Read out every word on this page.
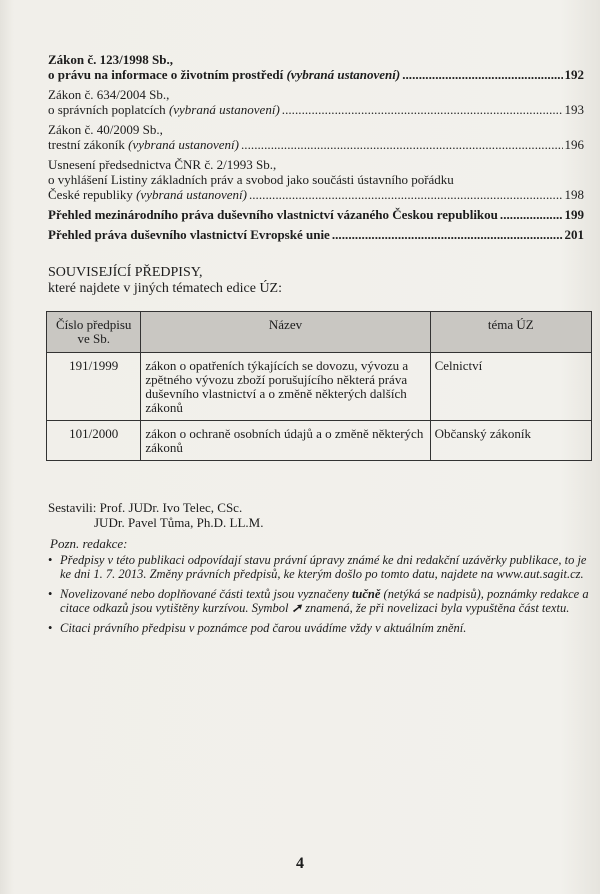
Zákon č. 123/1998 Sb.,
o právu na informace o životním prostředí (vybraná ustanovení) . . .	192
Zákon č. 634/2004 Sb.,
o správních poplatcích (vybraná ustanovení) . . .	193
Zákon č. 40/2009 Sb.,
trestní zákoník (vybraná ustanovení) . . .	196
Usnesení předsednictva ČNR č. 2/1993 Sb.,
o vyhlášení Listiny základních práv a svobod jako součásti ústavního pořádku
České republiky (vybraná ustanovení) . . .	198
Přehled mezinárodního práva duševního vlastnictví vázaného Českou republikou . . .	199
Přehled práva duševního vlastnictví Evropské unie . . .	201
SOUVISEJÍCÍ PŘEDPISY,
které najdete v jiných tématech edice ÚZ:
Číslo předpisu ve Sb.	Název	téma ÚZ
191/1999	zákon o opatřeních týkajících se dovozu, vývozu a zpětného vývozu zboží porušujícího některá práva duševního vlastnictví a o změně některých dalších zákonů	Celnictví
101/2000	zákon o ochraně osobních údajů a o změně některých zákonů	Občanský zákoník
Sestavili: Prof. JUDr. Ivo Telec, CSc.
JUDr. Pavel Tůma, Ph.D. LL.M.
Pozn. redakce:
• Předpisy v této publikaci odpovídají stavu právní úpravy známé ke dni redakční uzávěrky publikace, to je ke dni 1. 7. 2013. Změny právních předpisů, ke kterým došlo po tomto datu, najdete na www.aut.sagit.cz.
• Novelizované nebo doplňované části textů jsou vyznačeny tučně (netýká se nadpisů), poznámky redakce a citace odkazů jsou vytištěny kurzívou. Symbol ➚ znamená, že při novelizaci byla vypuštěna část textu.
• Citaci právního předpisu v poznámce pod čarou uvádíme vždy v aktuálním znění.
4
